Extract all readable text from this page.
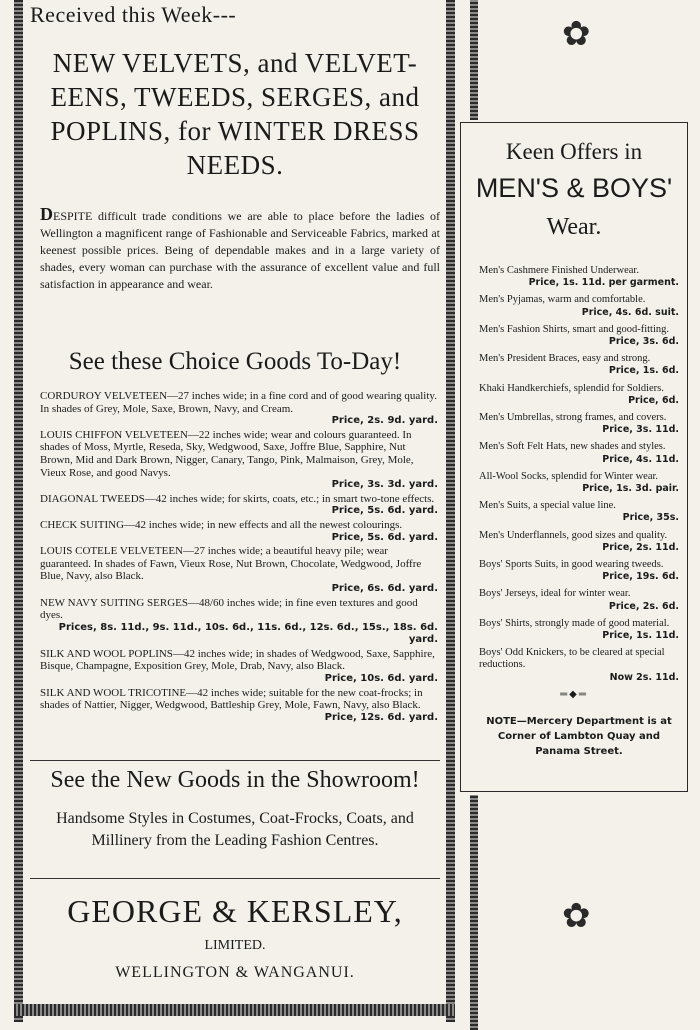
✿
✿

Received this Week---

NEW VELVETS, and VELVET-EENS, TWEEDS, SERGES, and POPLINS, for WINTER DRESS NEEDS.

DESPITE difficult trade conditions we are able to place before the ladies of Wellington a magnificent range of Fashionable and Serviceable Fabrics, marked at keenest possible prices. Being of dependable makes and in a large variety of shades, every woman can purchase with the assurance of excellent value and full satisfaction in appearance and wear.

See these Choice Goods To-Day!

CORDUROY VELVETEEN—27 inches wide; in a fine cord and of good wearing quality. In shades of Grey, Mole, Saxe, Brown, Navy, and Cream.
Price, 2s. 9d. yard.
LOUIS CHIFFON VELVETEEN—22 inches wide; wear and colours guaranteed. In shades of Moss, Myrtle, Reseda, Sky, Wedgwood, Saxe, Joffre Blue, Sapphire, Nut Brown, Mid and Dark Brown, Nigger, Canary, Tango, Pink, Malmaison, Grey, Mole, Vieux Rose, and good Navys.
Price, 3s. 3d. yard.
DIAGONAL TWEEDS—42 inches wide; for skirts, coats, etc.; in smart two-tone effects.
Price, 5s. 6d. yard.
CHECK SUITING—42 inches wide; in new effects and all the newest colourings.
Price, 5s. 6d. yard.
LOUIS COTELE VELVETEEN—27 inches wide; a beautiful heavy pile; wear guaranteed. In shades of Fawn, Vieux Rose, Nut Brown, Chocolate, Wedgwood, Joffre Blue, Navy, also Black.
Price, 6s. 6d. yard.
NEW NAVY SUITING SERGES—48/60 inches wide; in fine even textures and good dyes.
Prices, 8s. 11d., 9s. 11d., 10s. 6d., 11s. 6d., 12s. 6d., 15s., 18s. 6d. yard.
SILK AND WOOL POPLINS—42 inches wide; in shades of Wedgwood, Saxe, Sapphire, Bisque, Champagne, Exposition Grey, Mole, Drab, Navy, also Black.
Price, 10s. 6d. yard.
SILK AND WOOL TRICOTINE—42 inches wide; suitable for the new coat-frocks; in shades of Nattier, Nigger, Wedgwood, Battleship Grey, Mole, Fawn, Navy, also Black.
Price, 12s. 6d. yard.

See the New Goods in the Showroom!

Handsome Styles in Costumes, Coat-Frocks, Coats, and Millinery from the Leading Fashion Centres.

GEORGE & KERSLEY,

LIMITED.

WELLINGTON & WANGANUI.

Keen Offers in

MEN'S & BOYS'

Wear.

Men's Cashmere Finished Underwear.
Price, 1s. 11d. per garment.
Men's Pyjamas, warm and comfortable.
Price, 4s. 6d. suit.
Men's Fashion Shirts, smart and good-fitting.
Price, 3s. 6d.
Men's President Braces, easy and strong.
Price, 1s. 6d.
Khaki Handkerchiefs, splendid for Soldiers.
Price, 6d.
Men's Umbrellas, strong frames, and covers.
Price, 3s. 11d.
Men's Soft Felt Hats, new shades and styles.
Price, 4s. 11d.
All-Wool Socks, splendid for Winter wear.
Price, 1s. 3d. pair.
Men's Suits, a special value line.
Price, 35s.
Men's Underflannels, good sizes and quality.
Price, 2s. 11d.
Boys' Sports Suits, in good wearing tweeds.
Price, 19s. 6d.
Boys' Jerseys, ideal for winter wear.
Price, 2s. 6d.
Boys' Shirts, strongly made of good material.
Price, 1s. 11d.
Boys' Odd Knickers, to be cleared at special reductions.
Now 2s. 11d.
═◆═
NOTE—Mercery Department is at Corner of Lambton Quay and Panama Street.
